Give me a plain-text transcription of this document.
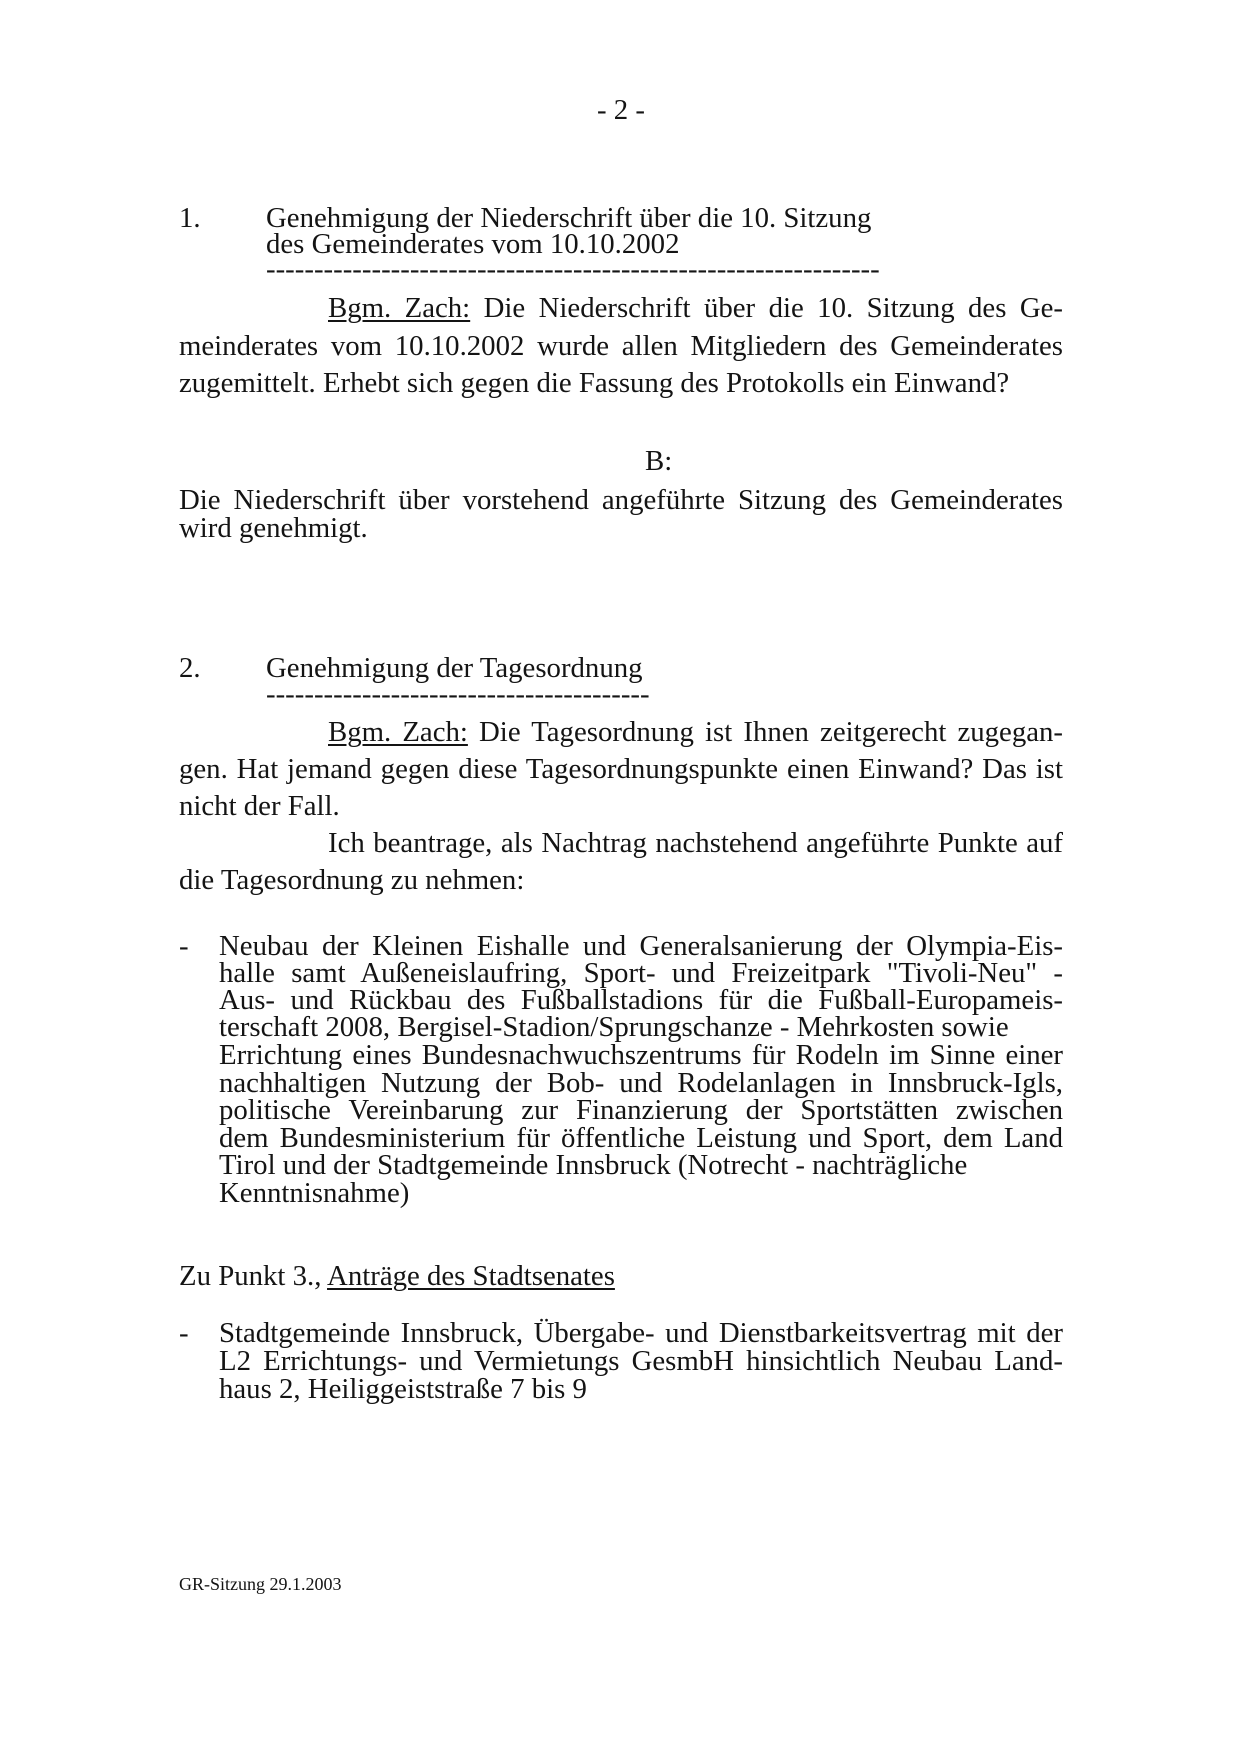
- 2 -
1. Genehmigung der Niederschrift über die 10. Sitzung
des Gemeinderates vom 10.10.2002
----------------------------------------------------------------
Bgm. Zach: Die Niederschrift über die 10. Sitzung des Ge-
meinderates vom 10.10.2002 wurde allen Mitgliedern des Gemeinderates
zugemittelt. Erhebt sich gegen die Fassung des Protokolls ein Einwand?
B:
Die Niederschrift über vorstehend angeführte Sitzung des Gemeinderates
wird genehmigt.
2. Genehmigung der Tagesordnung
----------------------------------------
Bgm. Zach: Die Tagesordnung ist Ihnen zeitgerecht zugegan-
gen. Hat jemand gegen diese Tagesordnungspunkte einen Einwand? Das ist
nicht der Fall.
Ich beantrage, als Nachtrag nachstehend angeführte Punkte auf
die Tagesordnung zu nehmen:
- Neubau der Kleinen Eishalle und Generalsanierung der Olympia-Eis-
halle samt Außeneislaufring, Sport- und Freizeitpark "Tivoli-Neu" -
Aus- und Rückbau des Fußballstadions für die Fußball-Europameis-
terschaft 2008, Bergisel-Stadion/Sprungschanze - Mehrkosten sowie
Errichtung eines Bundesnachwuchszentrums für Rodeln im Sinne einer
nachhaltigen Nutzung der Bob- und Rodelanlagen in Innsbruck-Igls,
politische Vereinbarung zur Finanzierung der Sportstätten zwischen
dem Bundesministerium für öffentliche Leistung und Sport, dem Land
Tirol und der Stadtgemeinde Innsbruck (Notrecht - nachträgliche
Kenntnisnahme)
Zu Punkt 3., Anträge des Stadtsenates
- Stadtgemeinde Innsbruck, Übergabe- und Dienstbarkeitsvertrag mit der
L2 Errichtungs- und Vermietungs GesmbH hinsichtlich Neubau Land-
haus 2, Heiliggeiststraße 7 bis 9
GR-Sitzung 29.1.2003
